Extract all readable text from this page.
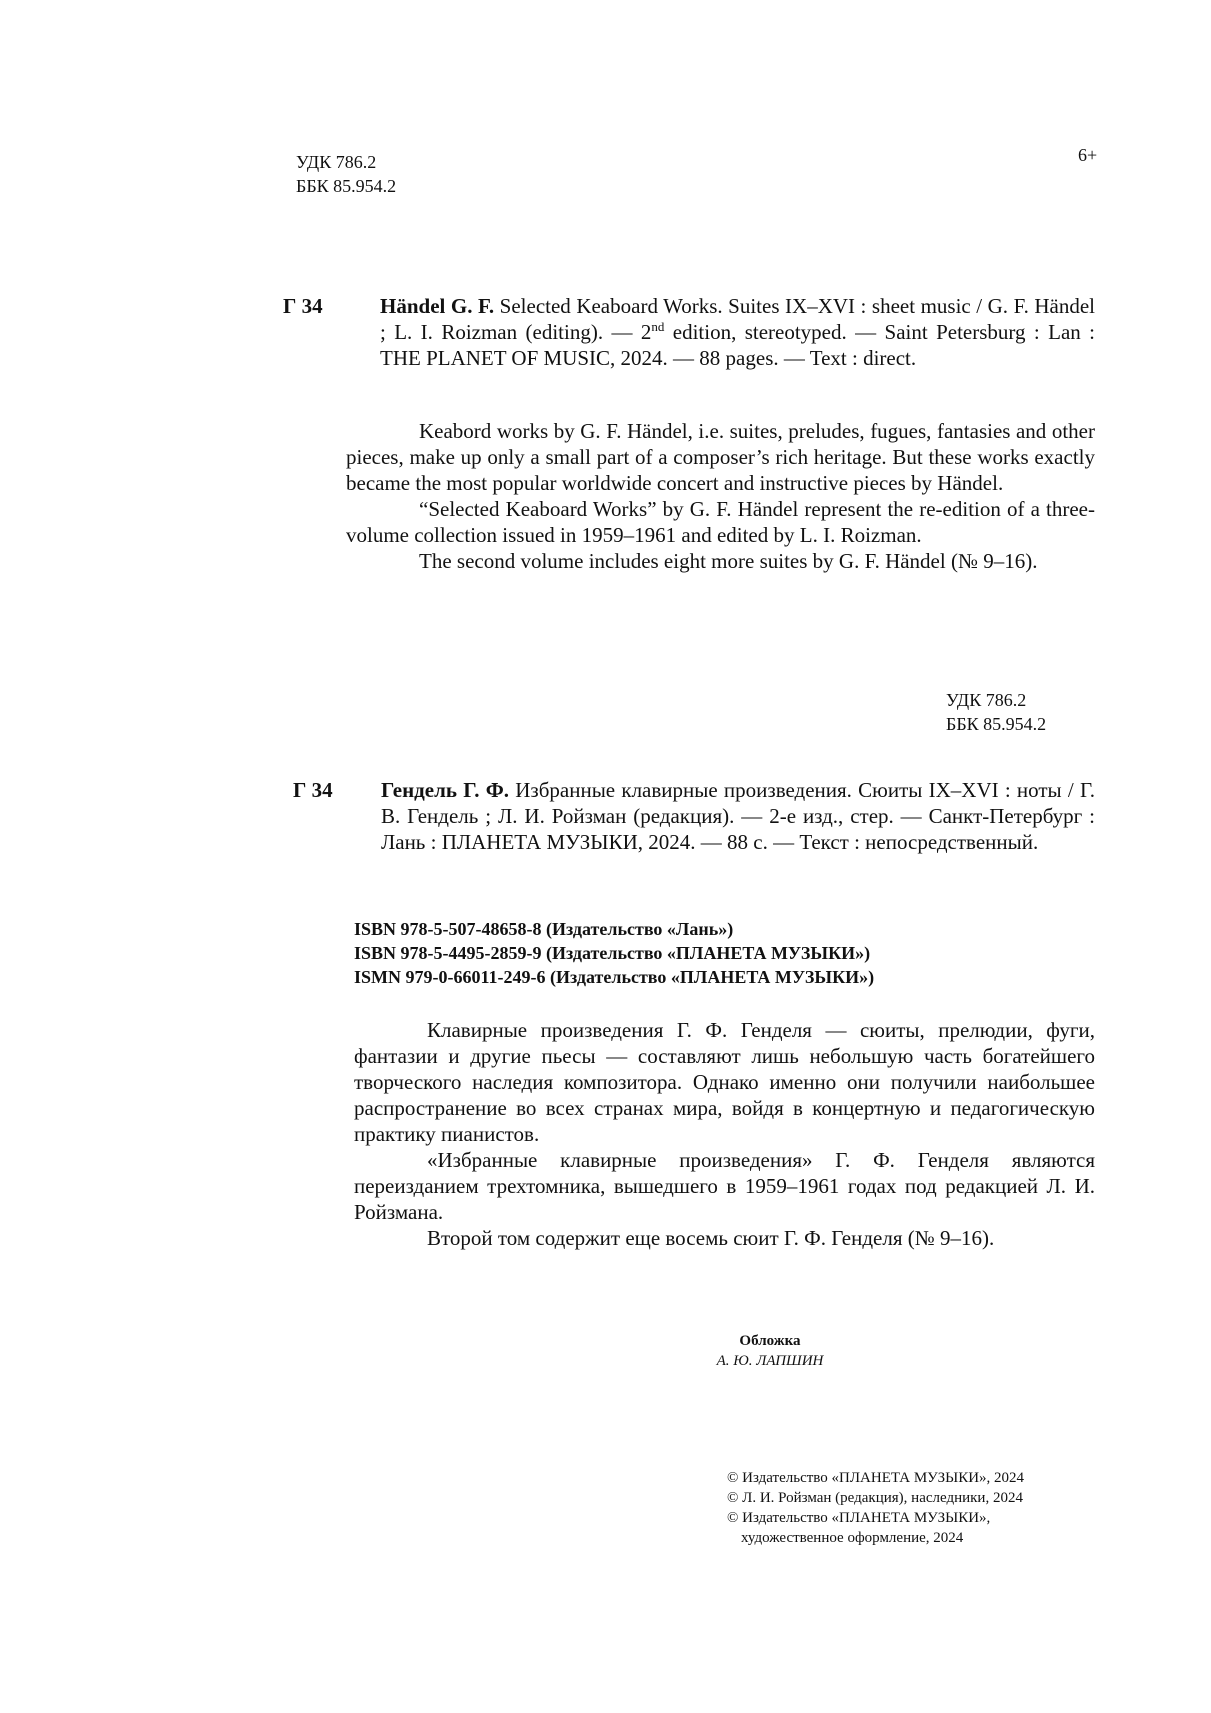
УДК 786.2
ББК 85.954.2
6+
Г 34	Händel G. F. Selected Keaboard Works. Suites IX–XVI : sheet music / G. F. Händel ; L. I. Roizman (editing). — 2nd edition, stereotyped. — Saint Petersburg : Lan : THE PLANET OF MUSIC, 2024. — 88 pages. — Text : direct.

Keabord works by G. F. Händel, i.e. suites, preludes, fugues, fantasies and other pieces, make up only a small part of a composer’s rich heritage. But these works exactly became the most popular worldwide concert and instructive pieces by Händel.

“Selected Keaboard Works” by G. F. Händel represent the re-edition of a three-volume collection issued in 1959–1961 and edited by L. I. Roizman.

The second volume includes eight more suites by G. F. Händel (№ 9–16).

УДК 786.2
ББК 85.954.2
Г 34	Гендель Г. Ф. Избранные клавирные произведения. Сюиты IX–XVI : ноты / Г. В. Гендель ; Л. И. Ройзман (редакция). — 2-е изд., стер. — Санкт-Петербург : Лань : ПЛАНЕТА МУЗЫКИ, 2024. — 88 с. — Текст : непосредственный.
ISBN 978-5-507-48658-8 (Издательство «Лань»)
ISBN 978-5-4495-2859-9 (Издательство «ПЛАНЕТА МУЗЫКИ»)
ISMN 979-0-66011-249-6 (Издательство «ПЛАНЕТА МУЗЫКИ»)

Клавирные произведения Г. Ф. Генделя — сюиты, прелюдии, фуги, фантазии и другие пьесы — составляют лишь небольшую часть богатейшего творческого наследия композитора. Однако именно они получили наибольшее распространение во всех странах мира, войдя в концертную и педагогическую практику пианистов.

«Избранные клавирные произведения» Г. Ф. Генделя являются переизданием трехтомника, вышедшего в 1959–1961 годах под редакцией Л. И. Ройзмана.

Второй том содержит еще восемь сюит Г. Ф. Генделя (№ 9–16).

Обложка
А. Ю. ЛАПШИН
© Издательство «ПЛАНЕТА МУЗЫКИ», 2024
© Л. И. Ройзман (редакция), наследники, 2024
© Издательство «ПЛАНЕТА МУЗЫКИ»,
художественное оформление, 2024
